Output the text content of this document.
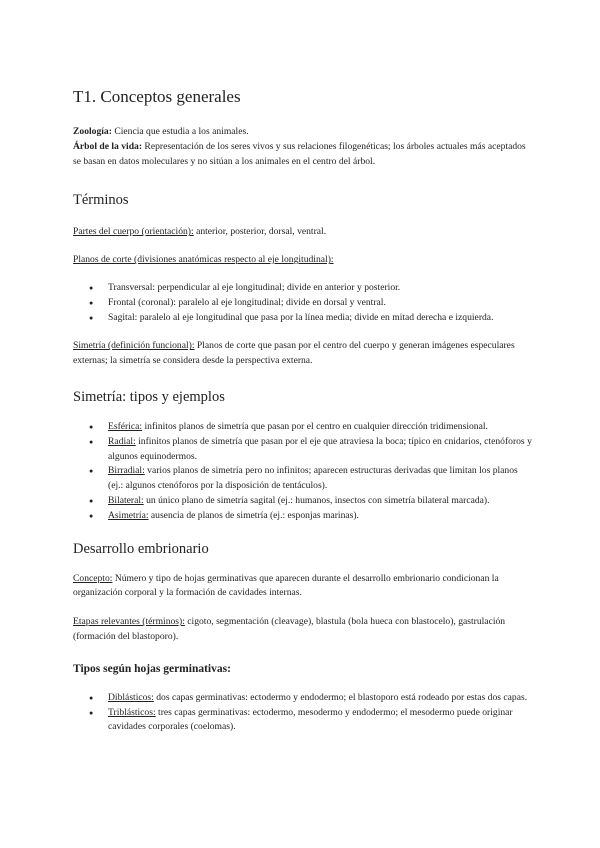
T1. Conceptos generales

Zoología: Ciencia que estudia a los animales.

Árbol de la vida: Representación de los seres vivos y sus relaciones filogenéticas; los árboles actuales más aceptados se basan en datos moleculares y no sitúan a los animales en el centro del árbol.

Términos

Partes del cuerpo (orientación): anterior, posterior, dorsal, ventral.

Planos de corte (divisiones anatómicas respecto al eje longitudinal):

● Transversal: perpendicular al eje longitudinal; divide en anterior y posterior.
● Frontal (coronal): paralelo al eje longitudinal; divide en dorsal y ventral.
● Sagital: paralelo al eje longitudinal que pasa por la línea media; divide en mitad derecha e izquierda.

Simetría (definición funcional): Planos de corte que pasan por el centro del cuerpo y generan imágenes especulares externas; la simetría se considera desde la perspectiva externa.

Simetría: tipos y ejemplos
● Esférica: infinitos planos de simetría que pasan por el centro en cualquier dirección tridimensional.
● Radial: infinitos planos de simetría que pasan por el eje que atraviesa la boca; típico en cnidarios, ctenóforos y algunos equinodermos.
● Birradial: varios planos de simetría pero no infinitos; aparecen estructuras derivadas que limitan los planos (ej.: algunos ctenóforos por la disposición de tentáculos).
● Bilateral: un único plano de simetría sagital (ej.: humanos, insectos con simetría bilateral marcada).
● Asimetría: ausencia de planos de simetría (ej.: esponjas marinas).
Desarrollo embrionario

Concepto: Número y tipo de hojas germinativas que aparecen durante el desarrollo embrionario condicionan la organización corporal y la formación de cavidades internas.

Etapas relevantes (términos): cigoto, segmentación (cleavage), blastula (bola hueca con blastocelo), gastrulación (formación del blastoporo).

Tipos según hojas germinativas:
● Diblásticos: dos capas germinativas: ectodermo y endodermo; el blastoporo está rodeado por estas dos capas.
● Triblásticos: tres capas germinativas: ectodermo, mesodermo y endodermo; el mesodermo puede originar cavidades corporales (coelomas).
